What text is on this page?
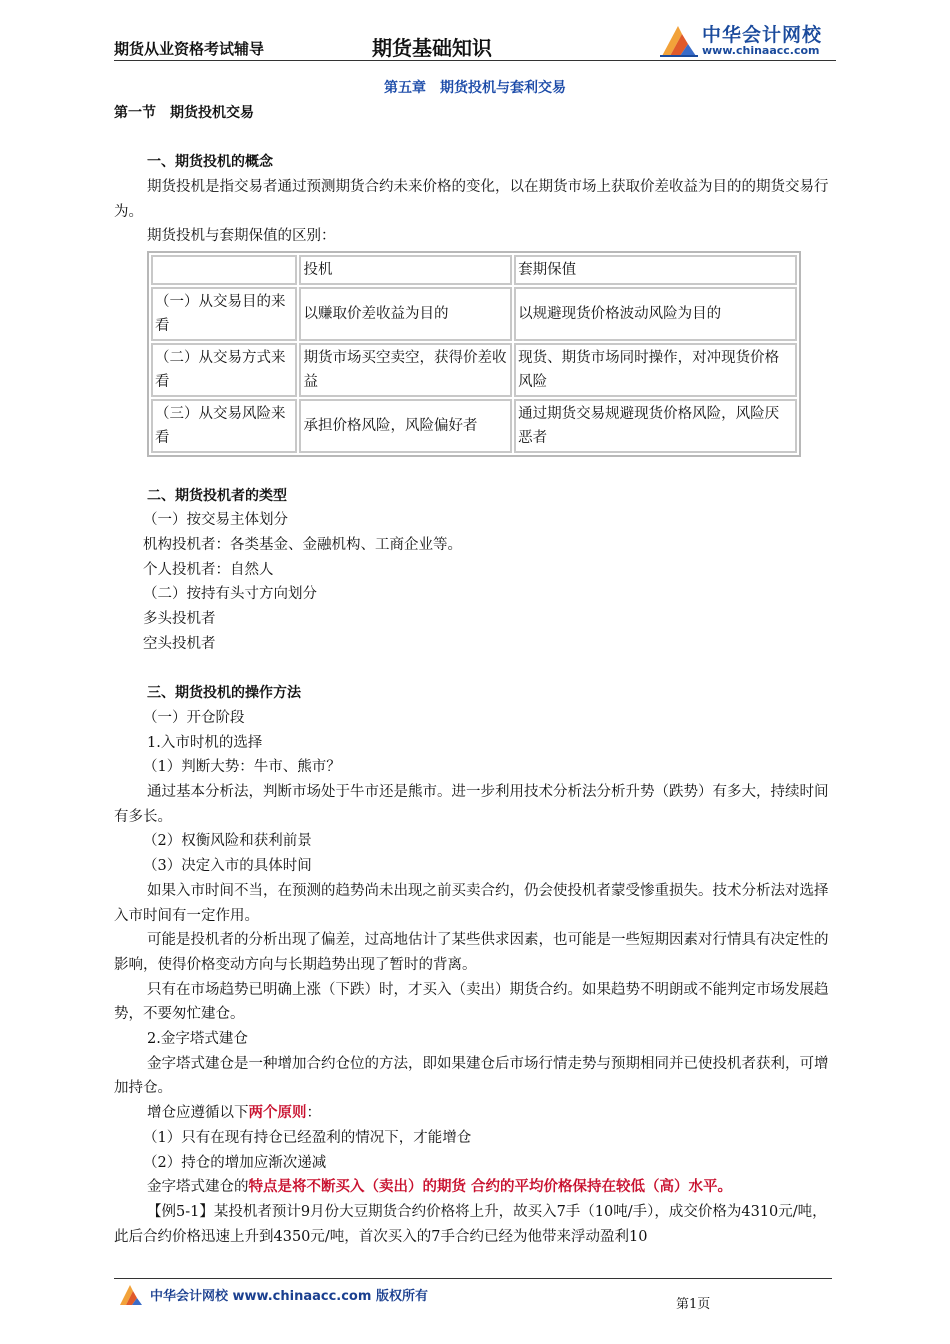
期货从业资格考试辅导	期货基础知识
中华会计网校
www.chinaacc.com
第五章　期货投机与套利交易
第一节　期货投机交易
一、期货投机的概念

期货投机是指交易者通过预测期货合约未来价格的变化，以在期货市场上获取价差收益为目的的期货交易行为。

期货投机与套期保值的区别：

	投机	套期保值
（一）从交易目的来看	以赚取价差收益为目的	以规避现货价格波动风险为目的
（二）从交易方式来看	期货市场买空卖空，获得价差收益	现货、期货市场同时操作，对冲现货价格风险
（三）从交易风险来看	承担价格风险，风险偏好者	通过期货交易规避现货价格风险，风险厌恶者
二、期货投机者的类型

（一）按交易主体划分

机构投机者：各类基金、金融机构、工商企业等。

个人投机者：自然人

（二）按持有头寸方向划分

多头投机者

空头投机者

三、期货投机的操作方法

（一）开仓阶段

1.入市时机的选择

（1）判断大势：牛市、熊市？

通过基本分析法，判断市场处于牛市还是熊市。进一步利用技术分析法分析升势（跌势）有多大，持续时间有多长。

（2）权衡风险和获利前景

（3）决定入市的具体时间

如果入市时间不当，在预测的趋势尚未出现之前买卖合约，仍会使投机者蒙受惨重损失。技术分析法对选择入市时间有一定作用。

可能是投机者的分析出现了偏差，过高地估计了某些供求因素，也可能是一些短期因素对行情具有决定性的影响，使得价格变动方向与长期趋势出现了暂时的背离。

只有在市场趋势已明确上涨（下跌）时，才买入（卖出）期货合约。如果趋势不明朗或不能判定市场发展趋势，不要匆忙建仓。

2.金字塔式建仓

金字塔式建仓是一种增加合约仓位的方法，即如果建仓后市场行情走势与预期相同并已使投机者获利，可增加持仓。

增仓应遵循以下两个原则：

（1）只有在现有持仓已经盈利的情况下，才能增仓

（2）持仓的增加应渐次递减

金字塔式建仓的特点是将不断买入（卖出）的期货 合约的平均价格保持在较低（高）水平。

【例5-1】某投机者预计9月份大豆期货合约价格将上升，故买入7手（10吨/手），成交价格为4310元/吨，此后合约价格迅速上升到4350元/吨，首次买入的7手合约已经为他带来浮动盈利10

中华会计网校 www.chinaacc.com 版权所有
第1页
